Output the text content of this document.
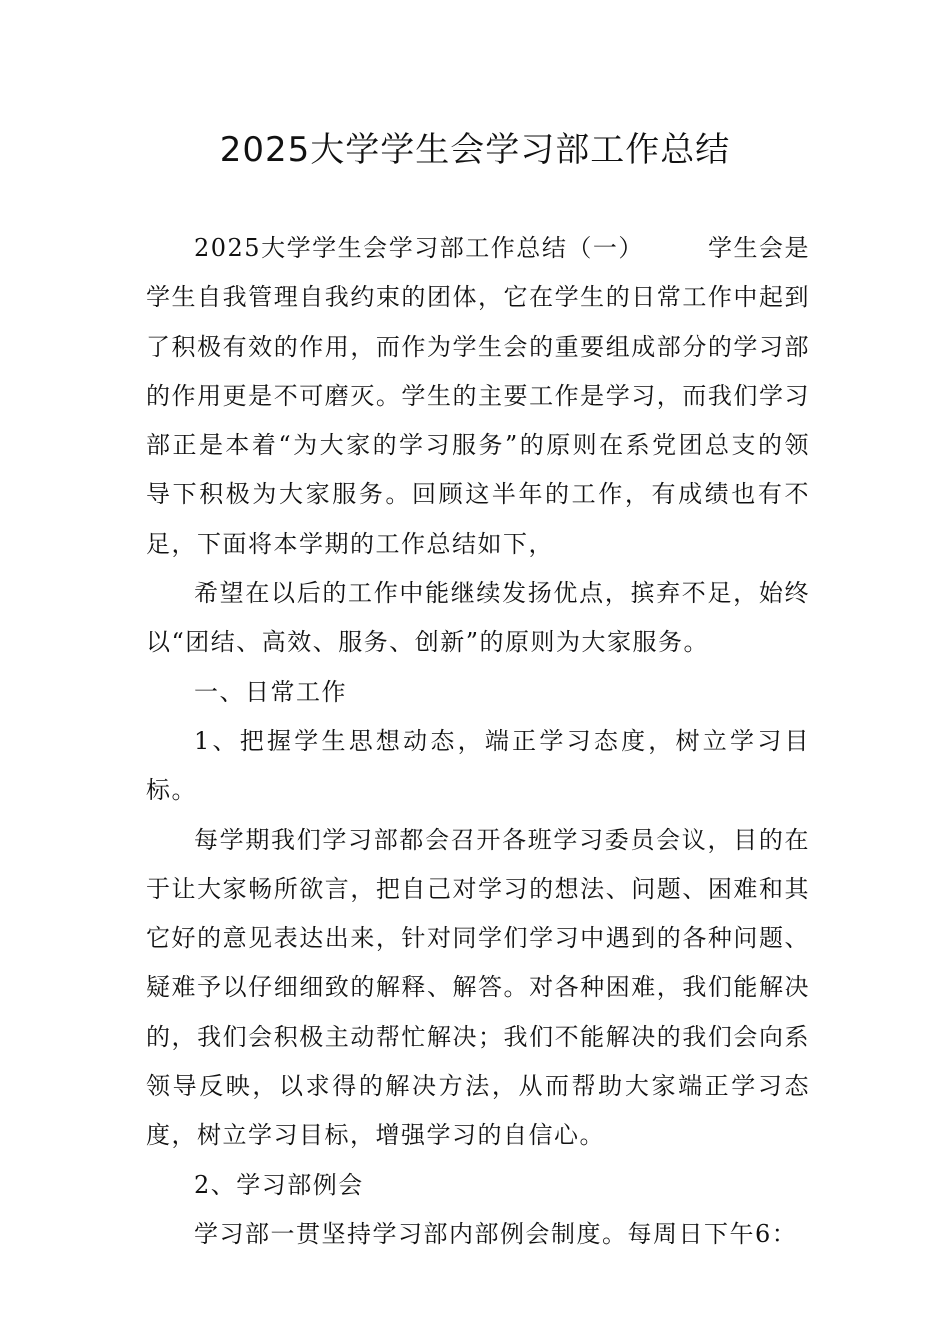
2025大学学生会学习部工作总结

2025大学学生会学习部工作总结（一）	学生会是学生自我管理自我约束的团体，它在学生的日常工作中起到了积极有效的作用，而作为学生会的重要组成部分的学习部的作用更是不可磨灭。学生的主要工作是学习，而我们学习部正是本着“为大家的学习服务”的原则在系党团总支的领导下积极为大家服务。回顾这半年的工作，有成绩也有不足，下面将本学期的工作总结如下，

希望在以后的工作中能继续发扬优点，摈弃不足，始终以“团结、高效、服务、创新”的原则为大家服务。

一、日常工作

1、把握学生思想动态，端正学习态度，树立学习目标。

每学期我们学习部都会召开各班学习委员会议，目的在于让大家畅所欲言，把自己对学习的想法、问题、困难和其它好的意见表达出来，针对同学们学习中遇到的各种问题、疑难予以仔细细致的解释、解答。对各种困难，我们能解决的，我们会积极主动帮忙解决；我们不能解决的我们会向系领导反映，以求得的解决方法，从而帮助大家端正学习态度，树立学习目标，增强学习的自信心。

2、学习部例会

学习部一贯坚持学习部内部例会制度。每周日下午6：
